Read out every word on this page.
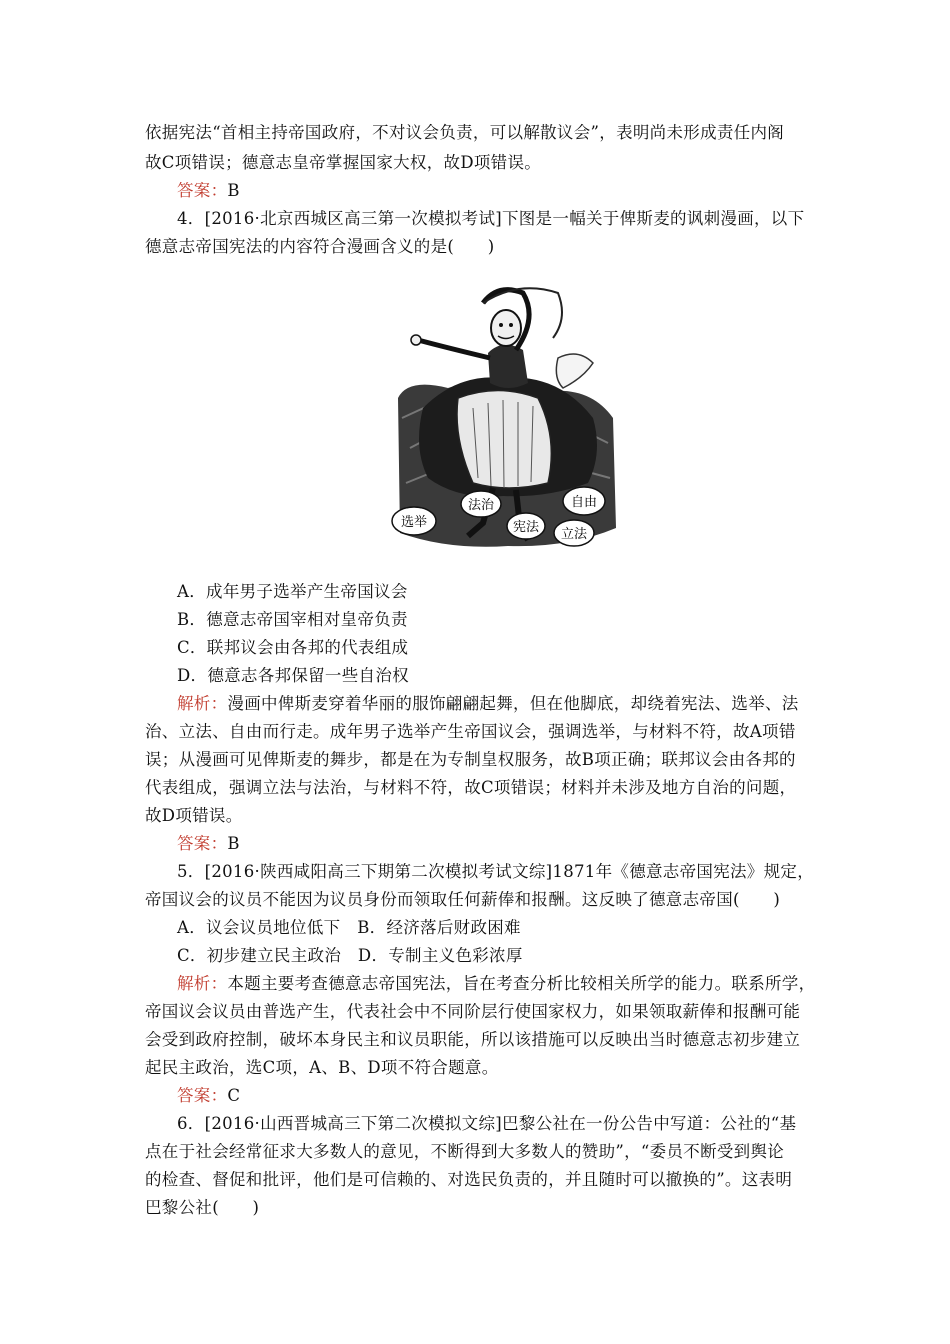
依据宪法“首相主持帝国政府，不对议会负责，可以解散议会”，表明尚未形成责任内阁
故C项错误；德意志皇帝掌握国家大权，故D项错误。
答案：B
4．[2016·北京西城区高三第一次模拟考试]下图是一幅关于俾斯麦的讽刺漫画，以下
德意志帝国宪法的内容符合漫画含义的是(　　)
选举
法治
宪法
自由
立法
A．成年男子选举产生帝国议会
B．德意志帝国宰相对皇帝负责
C．联邦议会由各邦的代表组成
D．德意志各邦保留一些自治权
解析：漫画中俾斯麦穿着华丽的服饰翩翩起舞，但在他脚底，却绕着宪法、选举、法
治、立法、自由而行走。成年男子选举产生帝国议会，强调选举，与材料不符，故A项错
误；从漫画可见俾斯麦的舞步，都是在为专制皇权服务，故B项正确；联邦议会由各邦的
代表组成，强调立法与法治，与材料不符，故C项错误；材料并未涉及地方自治的问题，
故D项错误。
答案：B
5．[2016·陕西咸阳高三下期第二次模拟考试文综]1871年《德意志帝国宪法》规定，
帝国议会的议员不能因为议员身份而领取任何薪俸和报酬。这反映了德意志帝国(　　)
A．议会议员地位低下　B．经济落后财政困难
C．初步建立民主政治　D．专制主义色彩浓厚
解析：本题主要考查德意志帝国宪法，旨在考查分析比较相关所学的能力。联系所学，
帝国议会议员由普选产生，代表社会中不同阶层行使国家权力，如果领取薪俸和报酬可能
会受到政府控制，破坏本身民主和议员职能，所以该措施可以反映出当时德意志初步建立
起民主政治，选C项，A、B、D项不符合题意。
答案：C
6．[2016·山西晋城高三下第二次模拟文综]巴黎公社在一份公告中写道：公社的“基
点在于社会经常征求大多数人的意见，不断得到大多数人的赞助”，“委员不断受到舆论
的检查、督促和批评，他们是可信赖的、对选民负责的，并且随时可以撤换的”。这表明
巴黎公社(　　)
